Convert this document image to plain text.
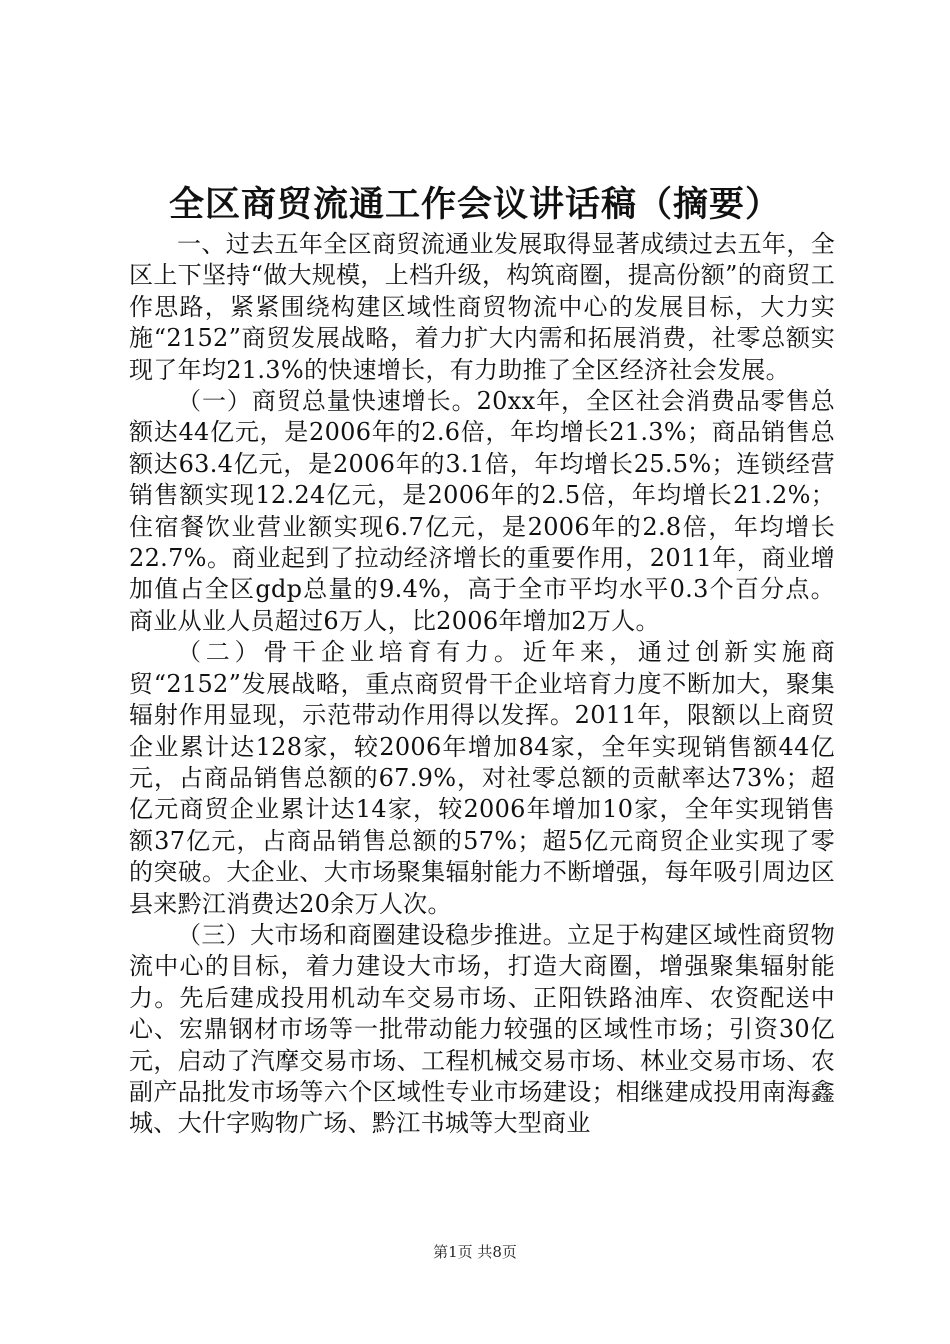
全区商贸流通工作会议讲话稿（摘要）

一、过去五年全区商贸流通业发展取得显著成绩过去五年，全区上下坚持“做大规模，上档升级，构筑商圈，提高份额”的商贸工作思路，紧紧围绕构建区域性商贸物流中心的发展目标，大力实施“2152”商贸发展战略，着力扩大内需和拓展消费，社零总额实现了年均21.3%的快速增长，有力助推了全区经济社会发展。

（一）商贸总量快速增长。20xx年，全区社会消费品零售总额达44亿元，是2006年的2.6倍，年均增长21.3%；商品销售总额达63.4亿元，是2006年的3.1倍，年均增长25.5%；连锁经营销售额实现12.24亿元，是2006年的2.5倍，年均增长21.2%；住宿餐饮业营业额实现6.7亿元，是2006年的2.8倍，年均增长22.7%。商业起到了拉动经济增长的重要作用，2011年，商业增加值占全区gdp总量的9.4%，高于全市平均水平0.3个百分点。商业从业人员超过6万人，比2006年增加2万人。

（二）骨干企业培育有力。近年来，通过创新实施商贸“2152”发展战略，重点商贸骨干企业培育力度不断加大，聚集辐射作用显现，示范带动作用得以发挥。2011年，限额以上商贸企业累计达128家，较2006年增加84家，全年实现销售额44亿元，占商品销售总额的67.9%，对社零总额的贡献率达73%；超亿元商贸企业累计达14家，较2006年增加10家，全年实现销售额37亿元，占商品销售总额的57%；超5亿元商贸企业实现了零的突破。大企业、大市场聚集辐射能力不断增强，每年吸引周边区县来黔江消费达20余万人次。

（三）大市场和商圈建设稳步推进。立足于构建区域性商贸物流中心的目标，着力建设大市场，打造大商圈，增强聚集辐射能力。先后建成投用机动车交易市场、正阳铁路油库、农资配送中心、宏鼎钢材市场等一批带动能力较强的区域性市场；引资30亿元，启动了汽摩交易市场、工程机械交易市场、林业交易市场、农副产品批发市场等六个区域性专业市场建设；相继建成投用南海鑫城、大什字购物广场、黔江书城等大型商业

第1页 共8页
